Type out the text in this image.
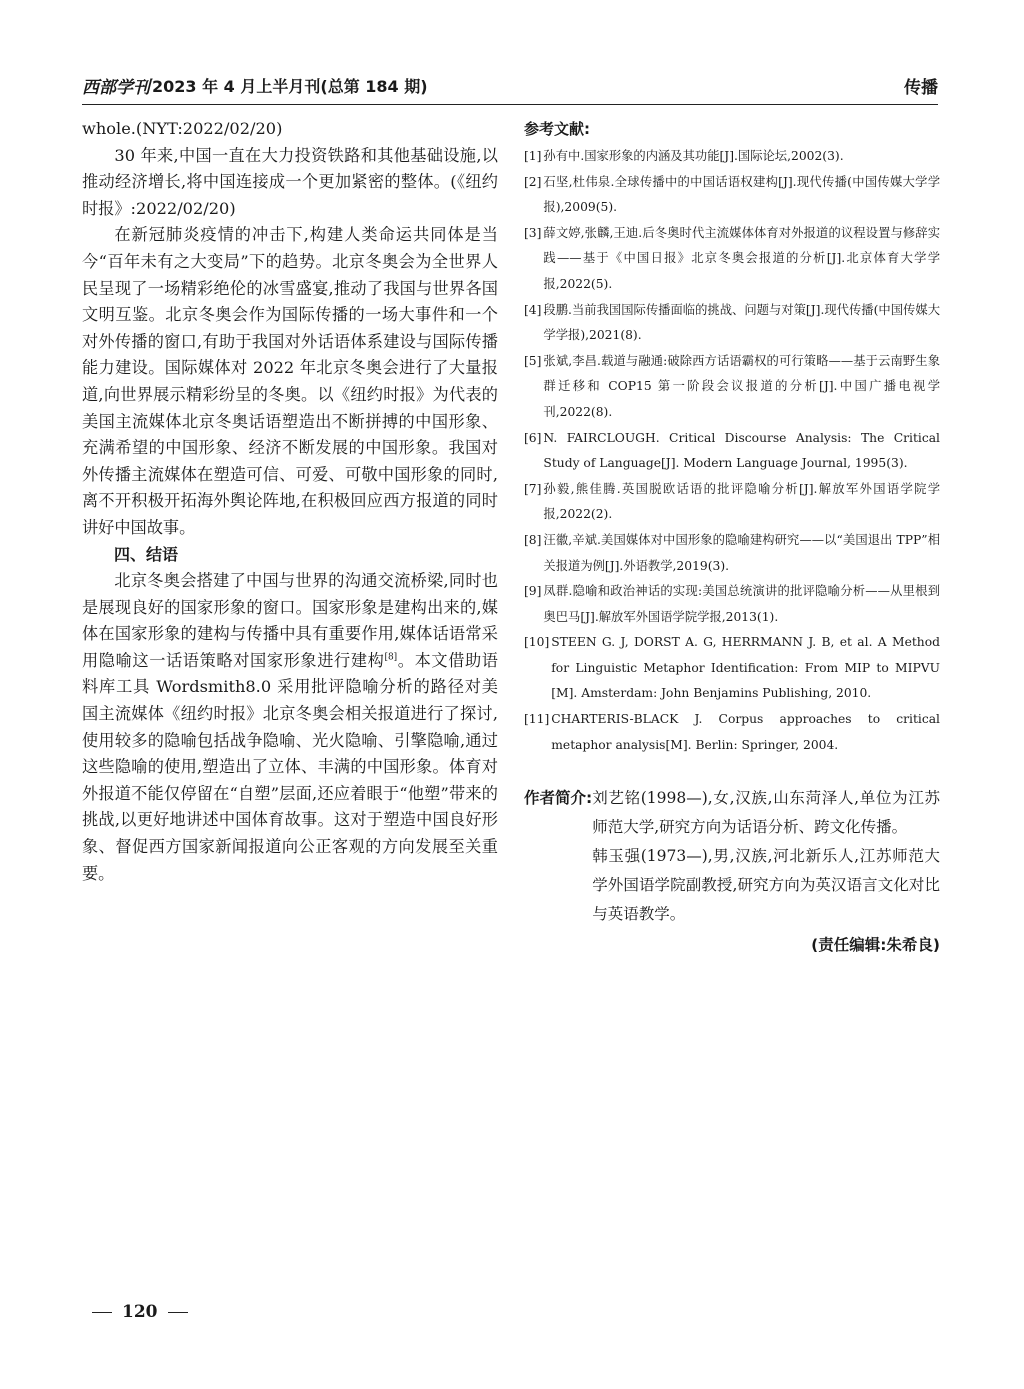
西部学刊 2023 年 4 月上半月刊(总第 184 期)	传播

whole.(NYT:2022/02/20)

30 年来,中国一直在大力投资铁路和其他基础设施,以推动经济增长,将中国连接成一个更加紧密的整体。(《纽约时报》:2022/02/20)

在新冠肺炎疫情的冲击下,构建人类命运共同体是当今“百年未有之大变局”下的趋势。北京冬奥会为全世界人民呈现了一场精彩绝伦的冰雪盛宴,推动了我国与世界各国文明互鉴。北京冬奥会作为国际传播的一场大事件和一个对外传播的窗口,有助于我国对外话语体系建设与国际传播能力建设。国际媒体对 2022 年北京冬奥会进行了大量报道,向世界展示精彩纷呈的冬奥。以《纽约时报》为代表的美国主流媒体北京冬奥话语塑造出不断拼搏的中国形象、充满希望的中国形象、经济不断发展的中国形象。我国对外传播主流媒体在塑造可信、可爱、可敬中国形象的同时,离不开积极开拓海外舆论阵地,在积极回应西方报道的同时讲好中国故事。

四、结语

北京冬奥会搭建了中国与世界的沟通交流桥梁,同时也是展现良好的国家形象的窗口。国家形象是建构出来的,媒体在国家形象的建构与传播中具有重要作用,媒体话语常采用隐喻这一话语策略对国家形象进行建构[8]。本文借助语料库工具 Wordsmith8.0 采用批评隐喻分析的路径对美国主流媒体《纽约时报》北京冬奥会相关报道进行了探讨,使用较多的隐喻包括战争隐喻、光火隐喻、引擎隐喻,通过这些隐喻的使用,塑造出了立体、丰满的中国形象。体育对外报道不能仅停留在“自塑”层面,还应着眼于“他塑”带来的挑战,以更好地讲述中国体育故事。这对于塑造中国良好形象、督促西方国家新闻报道向公正客观的方向发展至关重要。

参考文献:

[1] 孙有中.国家形象的内涵及其功能[J].国际论坛,2002(3).
[2] 石坚,杜伟泉.全球传播中的中国话语权建构[J].现代传播(中国传媒大学学报),2009(5).
[3] 薛文婷,张麟,王迪.后冬奥时代主流媒体体育对外报道的议程设置与修辞实践——基于《中国日报》北京冬奥会报道的分析[J].北京体育大学学报,2022(5).
[4] 段鹏.当前我国国际传播面临的挑战、问题与对策[J].现代传播(中国传媒大学学报),2021(8).
[5] 张斌,李昌.载道与融通:破除西方话语霸权的可行策略——基于云南野生象群迁移和 COP15 第一阶段会议报道的分析[J].中国广播电视学刊,2022(8).
[6] N. FAIRCLOUGH. Critical Discourse Analysis: The Critical Study of Language[J]. Modern Language Journal, 1995(3).
[7] 孙毅,熊佳腾.英国脱欧话语的批评隐喻分析[J].解放军外国语学院学报,2022(2).
[8] 汪徽,辛斌.美国媒体对中国形象的隐喻建构研究——以“美国退出 TPP”相关报道为例[J].外语教学,2019(3).
[9] 凤群.隐喻和政治神话的实现:美国总统演讲的批评隐喻分析——从里根到奥巴马[J].解放军外国语学院学报,2013(1).
[10] STEEN G. J, DORST A. G, HERRMANN J. B, et al. A Method for Linguistic Metaphor Identification: From MIP to MIPVU [M]. Amsterdam: John Benjamins Publishing, 2010.
[11] CHARTERIS-BLACK J. Corpus approaches to critical metaphor analysis[M]. Berlin: Springer, 2004.
作者简介: 刘艺铭(1998—),女,汉族,山东菏泽人,单位为江苏师范大学,研究方向为话语分析、跨文化传播。

韩玉强(1973—),男,汉族,河北新乐人,江苏师范大学外国语学院副教授,研究方向为英汉语言文化对比与英语教学。

(责任编辑:朱希良)
120
